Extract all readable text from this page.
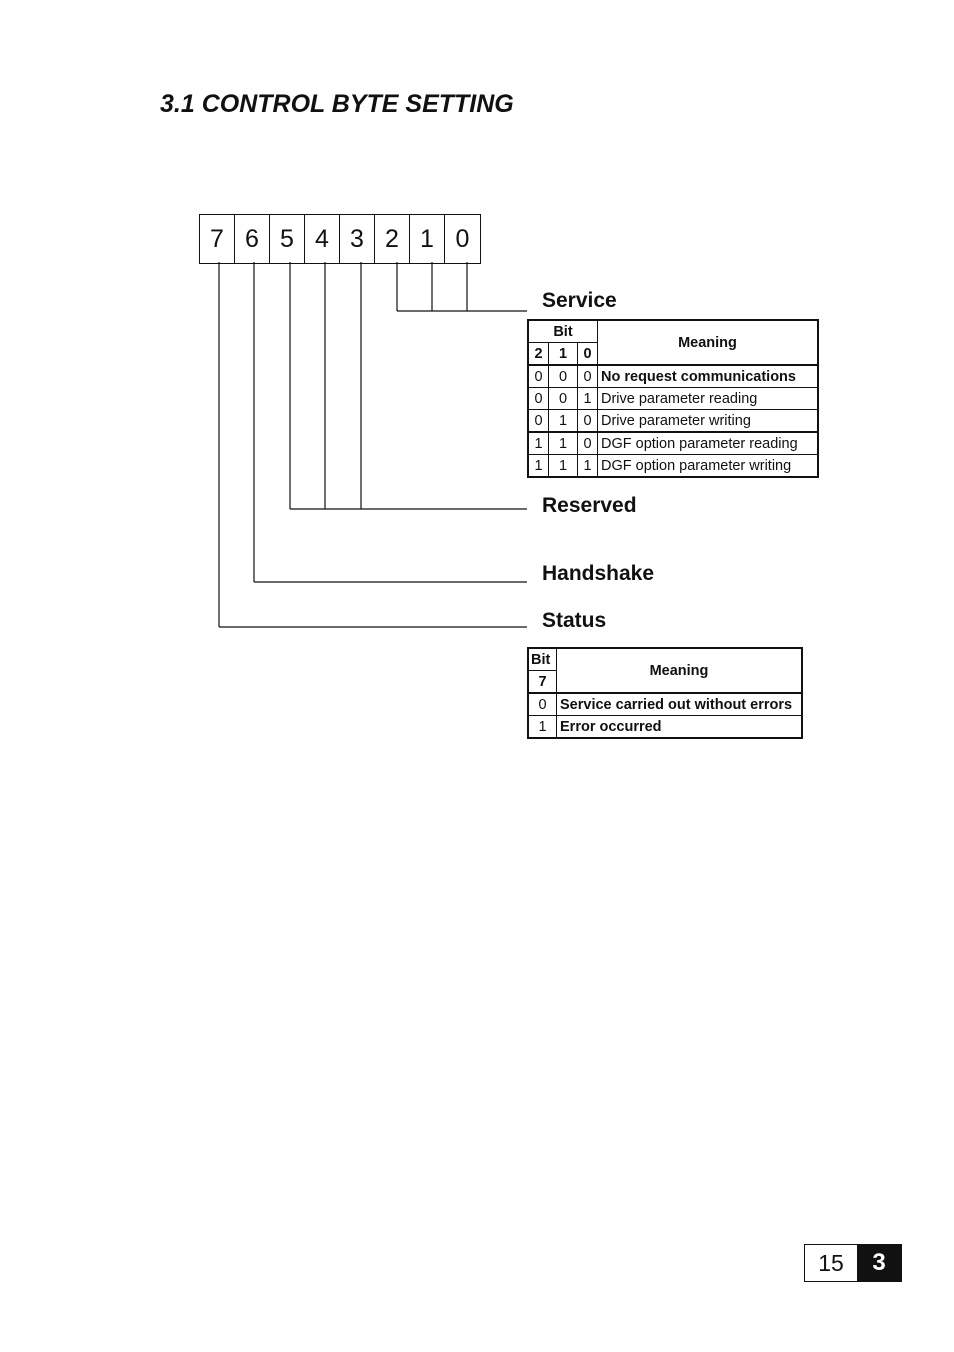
3.1 CONTROL BYTE SETTING
7 6 5 4 3 2 1 0
Service
Reserved
Handshake
Status
Bit			Meaning
2	1	0	
0	0	0	No request communications
0	0	1	Drive parameter reading
0	1	0	Drive parameter writing
1	1	0	DGF option parameter reading
1	1	1	DGF option parameter writing
Bit	Meaning
7	
0	Service carried out without errors
1	Error occurred
15	3
